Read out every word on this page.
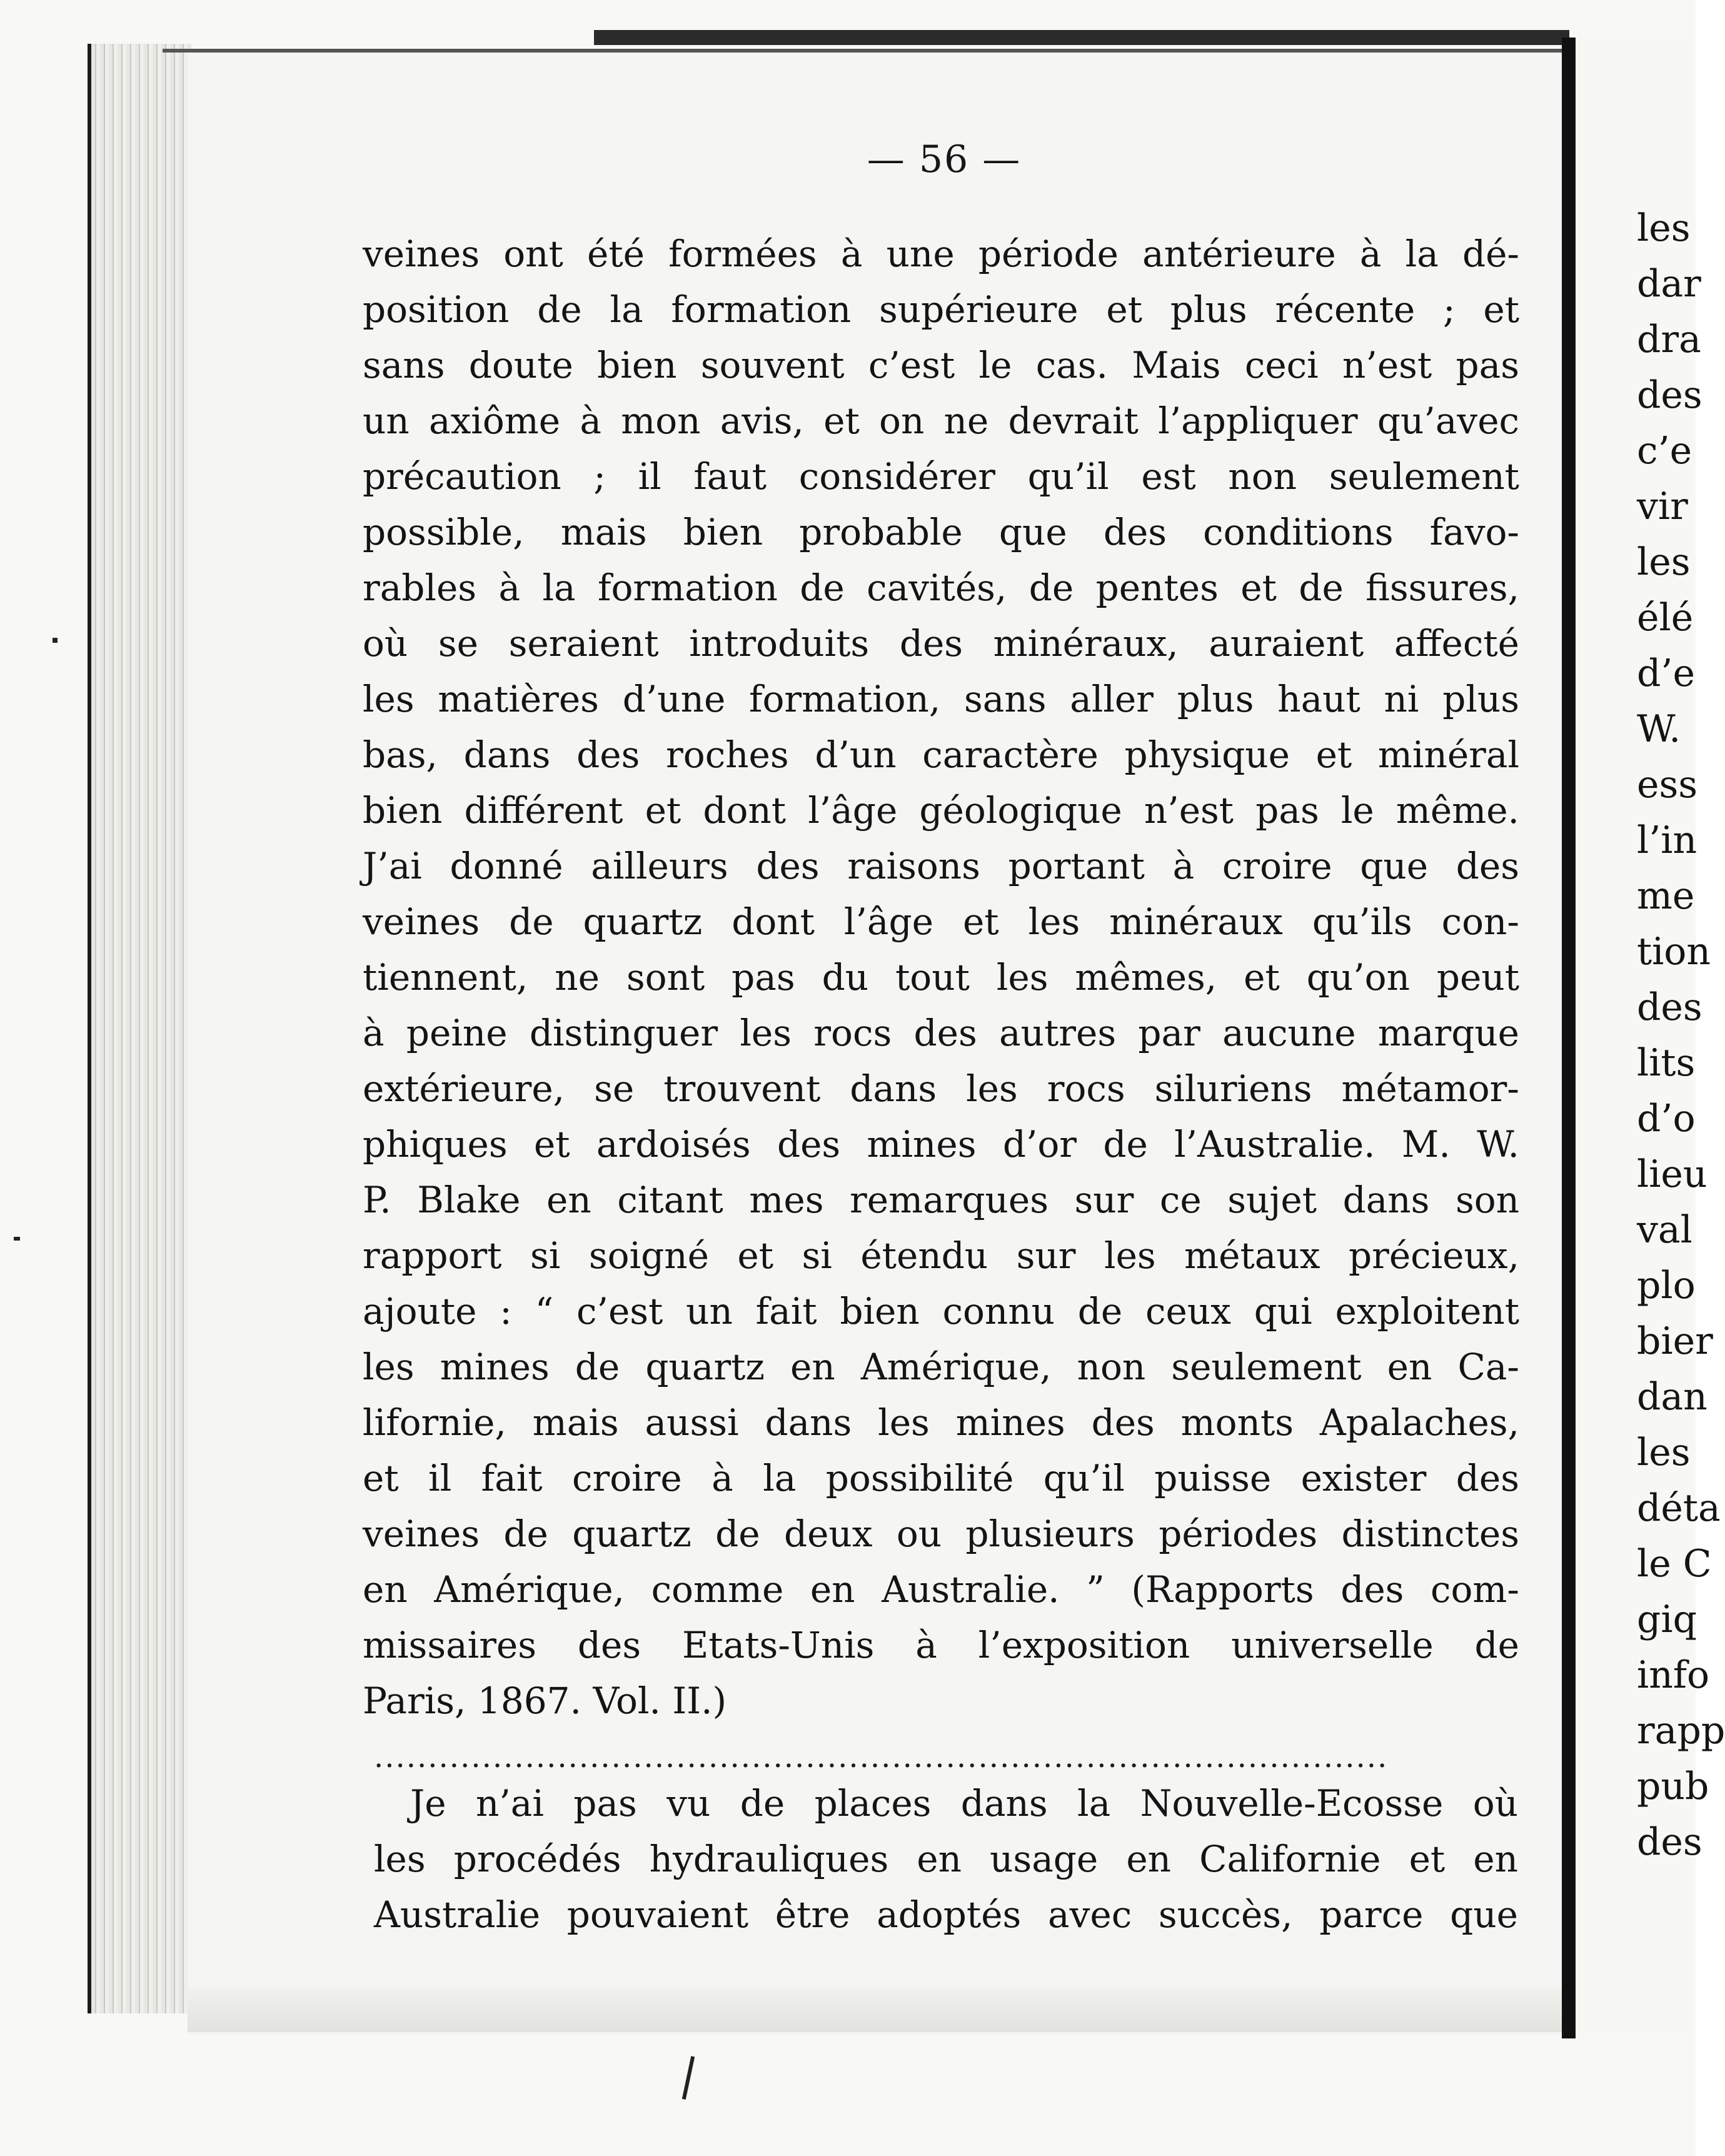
les
dar
dra
des
c’e
vir
les
élé
d’e
W.
ess
l’in
me
tion
des
lits
d’o
lieu
val
plo
bier
dan
les
déta
le C
giq
info
rapp
pub
des
— 56 —
veines ont été formées à une période antérieure à la dé-
position de la formation supérieure et plus récente ; et
sans doute bien souvent c’est le cas. Mais ceci n’est pas
un axiôme à mon avis, et on ne devrait l’appliquer qu’avec
précaution ; il faut considérer qu’il est non seulement
possible, mais bien probable que des conditions favo-
rables à la formation de cavités, de pentes et de fissures,
où se seraient introduits des minéraux, auraient affecté
les matières d’une formation, sans aller plus haut ni plus
bas, dans des roches d’un caractère physique et minéral
bien différent et dont l’âge géologique n’est pas le même.
J’ai donné ailleurs des raisons portant à croire que des
veines de quartz dont l’âge et les minéraux qu’ils con-
tiennent, ne sont pas du tout les mêmes, et qu’on peut
à peine distinguer les rocs des autres par aucune marque
extérieure, se trouvent dans les rocs siluriens métamor-
phiques et ardoisés des mines d’or de l’Australie. M. W.
P. Blake en citant mes remarques sur ce sujet dans son
rapport si soigné et si étendu sur les métaux précieux,
ajoute : “ c’est un fait bien connu de ceux qui exploitent
les mines de quartz en Amérique, non seulement en Ca-
lifornie, mais aussi dans les mines des monts Apalaches,
et il fait croire à la possibilité qu’il puisse exister des
veines de quartz de deux ou plusieurs périodes distinctes
en Amérique, comme en Australie. ” (Rapports des com-
missaires des Etats-Unis à l’exposition universelle de
Paris, 1867. Vol. II.)
..............................................................................................
Je n’ai pas vu de places dans la Nouvelle-Ecosse où
les procédés hydrauliques en usage en Californie et en
Australie pouvaient être adoptés avec succès, parce que
